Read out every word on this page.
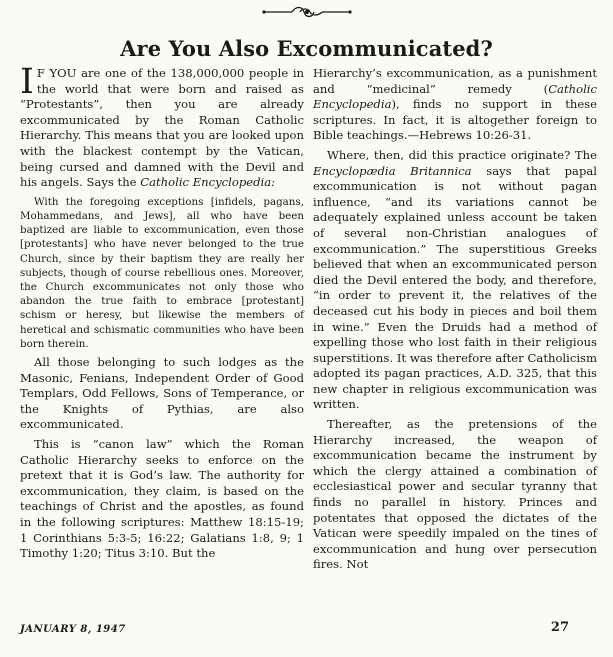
Are You Also Excommunicated?

I F YOU are one of the 138,000,000 people in the world that were born and raised as “Protestants”, then you are already excommunicated by the Roman Catholic Hierarchy. This means that you are looked upon with the blackest contempt by the Vatican, being cursed and damned with the Devil and his angels. Says the Catholic Encyclopedia:

With the foregoing exceptions [infidels, pagans, Mohammedans, and Jews], all who have been baptized are liable to excommunication, even those [protestants] who have never belonged to the true Church, since by their baptism they are really her subjects, though of course rebellious ones. Moreover, the Church excommunicates not only those who abandon the true faith to embrace [protestant] schism or heresy, but likewise the members of heretical and schismatic communities who have been born therein.

All those belonging to such lodges as the Masonic, Fenians, Independent Order of Good Templars, Odd Fellows, Sons of Temperance, or the Knights of Pythias, are also excommunicated.

This is “canon law” which the Roman Catholic Hierarchy seeks to enforce on the pretext that it is God’s law. The authority for excommunication, they claim, is based on the teachings of Christ and the apostles, as found in the following scriptures: Matthew 18:15-19; 1 Corinthians 5:3-5; 16:22; Galatians 1:8, 9; 1 Timothy 1:20; Titus 3:10. But the

Hierarchy’s excommunication, as a punishment and “medicinal” remedy (Catholic Encyclopedia), finds no support in these scriptures. In fact, it is altogether foreign to Bible teachings.—Hebrews 10:26-31.

Where, then, did this practice originate? The Encyclopædia Britannica says that papal excommunication is not without pagan influence, “and its variations cannot be adequately explained unless account be taken of several non-Christian analogues of excommunication.” The superstitious Greeks believed that when an excommunicated person died the Devil entered the body, and therefore, “in order to prevent it, the relatives of the deceased cut his body in pieces and boil them in wine.” Even the Druids had a method of expelling those who lost faith in their religious superstitions. It was therefore after Catholicism adopted its pagan practices, A.D. 325, that this new chapter in religious excommunication was written.

Thereafter, as the pretensions of the Hierarchy increased, the weapon of excommunication became the instrument by which the clergy attained a combination of ecclesiastical power and secular tyranny that finds no parallel in history. Princes and potentates that opposed the dictates of the Vatican were speedily impaled on the tines of excommunication and hung over persecution fires. Not

JANUARY 8, 1947	27
